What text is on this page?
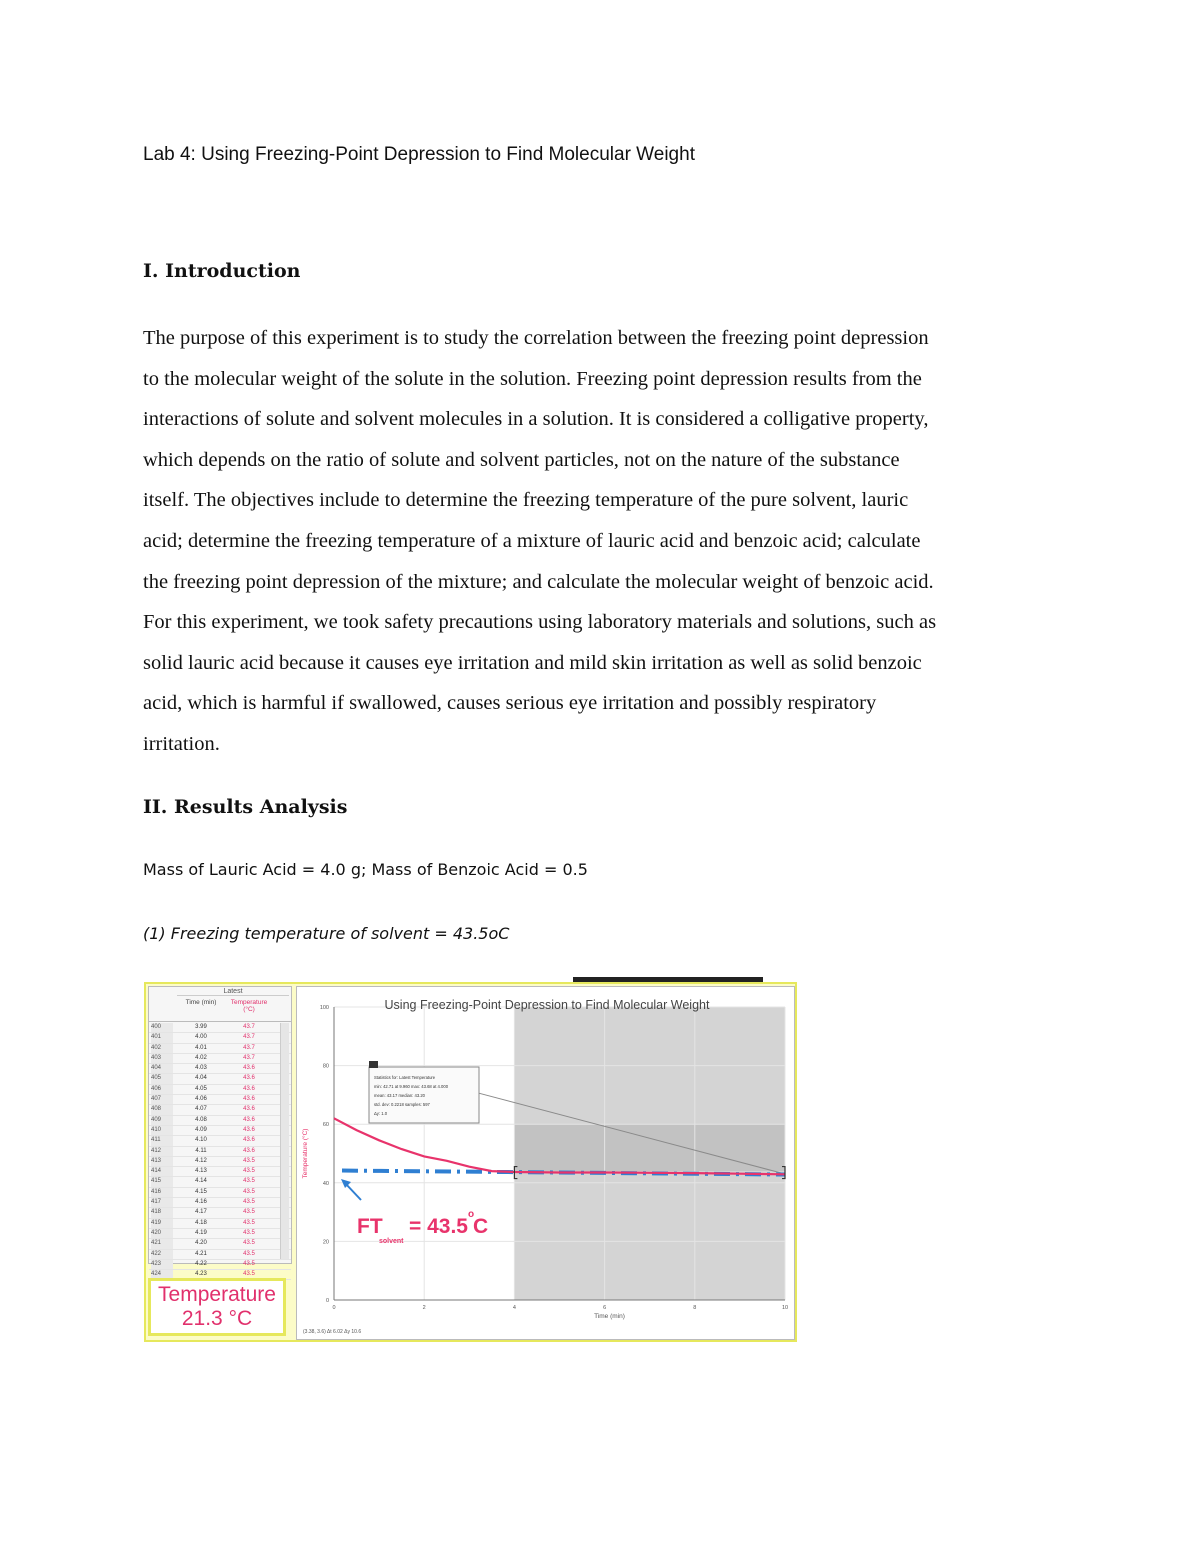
Lab 4: Using Freezing-Point Depression to Find Molecular Weight
I. Introduction

The purpose of this experiment is to study the correlation between the freezing point depression
to the molecular weight of the solute in the solution. Freezing point depression results from the
interactions of solute and solvent molecules in a solution. It is considered a colligative property,
which depends on the ratio of solute and solvent particles, not on the nature of the substance
itself. The objectives include to determine the freezing temperature of the pure solvent, lauric
acid; determine the freezing temperature of a mixture of lauric acid and benzoic acid; calculate
the freezing point depression of the mixture; and calculate the molecular weight of benzoic acid.
For this experiment, we took safety precautions using laboratory materials and solutions, such as
solid lauric acid because it causes eye irritation and mild skin irritation as well as solid benzoic
acid, which is harmful if swallowed, causes serious eye irritation and possibly respiratory
irritation.

II. Results Analysis

Mass of Lauric Acid = 4.0 g; Mass of Benzoic Acid = 0.5

(1) Freezing temperature of solvent = 43.5oC

Latest
Time (min)	Temperature (°C)
400	3.99	43.7
401	4.00	43.7
402	4.01	43.7
403	4.02	43.7
404	4.03	43.6
405	4.04	43.6
406	4.05	43.6
407	4.06	43.6
408	4.07	43.6
409	4.08	43.6
410	4.09	43.6
411	4.10	43.6
412	4.11	43.6
413	4.12	43.5
414	4.13	43.5
415	4.14	43.5
416	4.15	43.5
417	4.16	43.5
418	4.17	43.5
419	4.18	43.5
420	4.19	43.5
421	4.20	43.5
422	4.21	43.5
423	4.22	43.5
424	4.23	43.5
Temperature
21.3 °C
0
20
40
60
80
100
0	2	4	6	8	10
Using Freezing-Point Depression to Find Molecular Weight
Temperature (°C)
Time (min)
Statistics for: Latest Temperature
min: 42.71 at 9.960 max: 43.68 at 4.000
mean: 43.17 median: 43.20
std. dev: 0.2218 samples: 597
Δy: 1.0
FT
solvent
= 43.5
o
C
(3.38, 3.6) Δt 6.02 Δy 10.6
